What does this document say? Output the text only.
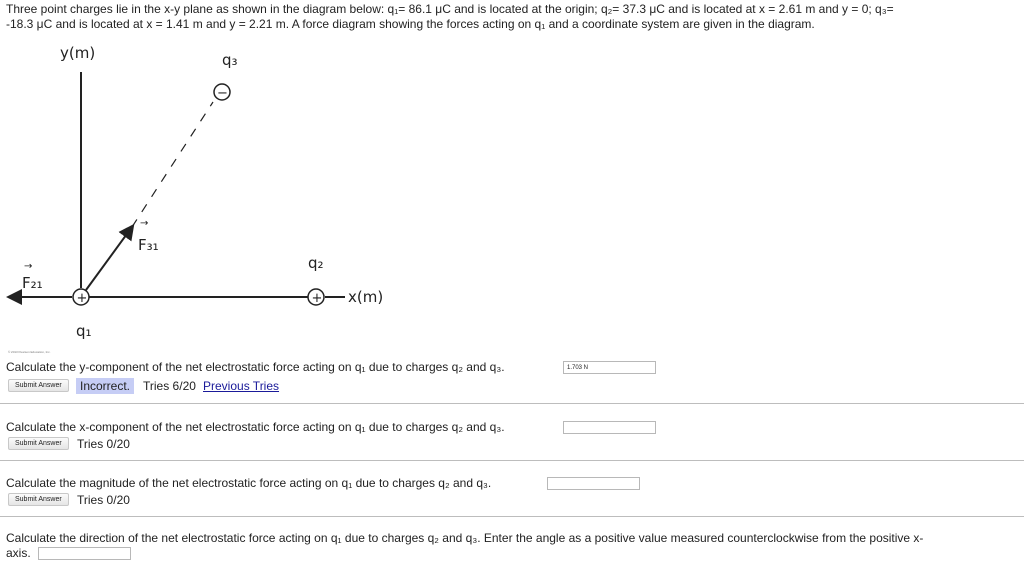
Three point charges lie in the x-y plane as shown in the diagram below: q₁= 86.1 μC and is located at the origin; q₂= 37.3 μC and is located at x = 2.61 m and y = 0; q₃=
-18.3 μC and is located at x = 1.41 m and y = 2.21 m. A force diagram showing the forces acting on q₁ and a coordinate system are given in the diagram.
y(m)
x(m)
F₂₁
→
F₃₁
→
+
q₁
+
q₂
−
q₃
© 2013 Pearson Education, Inc.
Calculate the y-component of the net electrostatic force acting on q₁ due to charges q₂ and q₃.	1.703 N
Submit Answer	Incorrect.	Tries 6/20 Previous Tries
Calculate the x-component of the net electrostatic force acting on q₁ due to charges q₂ and q₃.
Submit Answer	Tries 0/20
Calculate the magnitude of the net electrostatic force acting on q₁ due to charges q₂ and q₃.
Submit Answer	Tries 0/20
Calculate the direction of the net electrostatic force acting on q₁ due to charges q₂ and q₃. Enter the angle as a positive value measured counterclockwise from the positive x-
axis.
